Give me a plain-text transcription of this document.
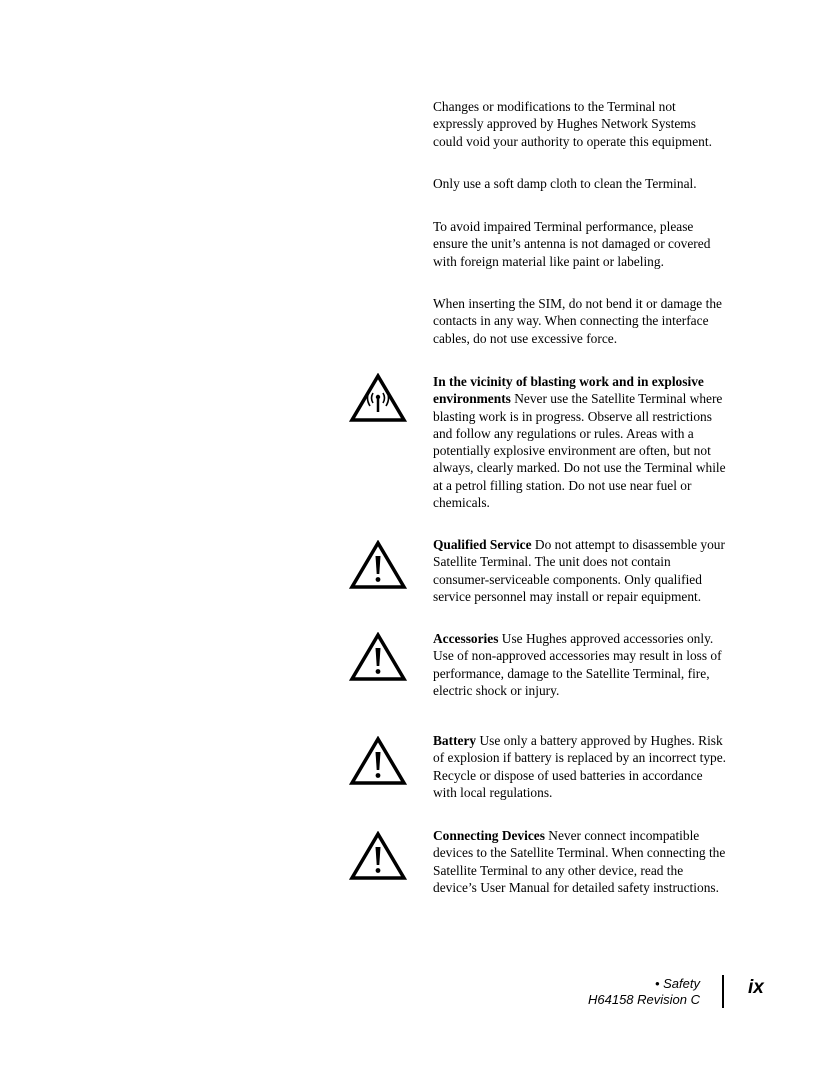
Changes or modifications to the Terminal not expressly approved by Hughes Network Systems could void your authority to operate this equipment.

Only use a soft damp cloth to clean the Terminal.

To avoid impaired Terminal performance, please ensure the unit’s antenna is not damaged or covered with foreign material like paint or labeling.

When inserting the SIM, do not bend it or damage the contacts in any way. When connecting the interface cables, do not use excessive force.

In the vicinity of blasting work and in explosive environments Never use the Satellite Terminal where blasting work is in progress. Observe all restrictions and follow any regulations or rules. Areas with a potentially explosive environment are often, but not always, clearly marked. Do not use the Terminal while at a petrol filling station. Do not use near fuel or chemicals.

Qualified Service Do not attempt to disassemble your Satellite Terminal. The unit does not contain consumer-serviceable components. Only qualified service personnel may install or repair equipment.

Accessories Use Hughes approved accessories only. Use of non-approved accessories may result in loss of performance, damage to the Satellite Terminal, fire, electric shock or injury.

Battery Use only a battery approved by Hughes. Risk of explosion if battery is replaced by an incorrect type. Recycle or dispose of used batteries in accordance with local regulations.

Connecting Devices Never connect incompatible devices to the Satellite Terminal. When connecting the Satellite Terminal to any other device, read the device’s User Manual for detailed safety instructions.

• Safety
H64158 Revision C
ix
